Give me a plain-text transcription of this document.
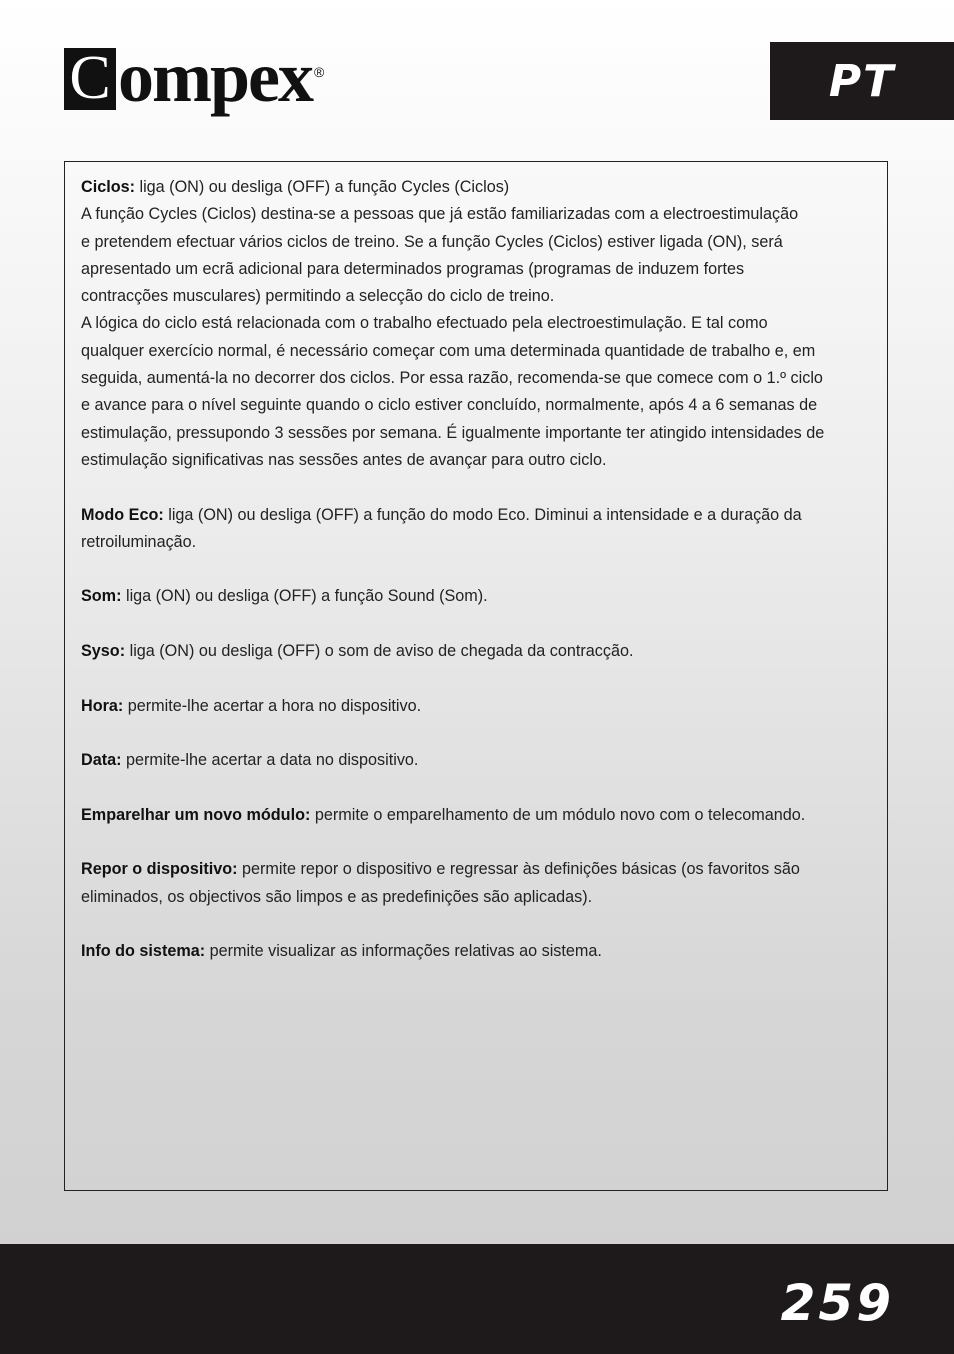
C ompex ®	PT

Ciclos: liga (ON) ou desliga (OFF) a função Cycles (Ciclos)
A função Cycles (Ciclos) destina-se a pessoas que já estão familiarizadas com a electroestimulação
e pretendem efectuar vários ciclos de treino. Se a função Cycles (Ciclos) estiver ligada (ON), será
apresentado um ecrã adicional para determinados programas (programas de induzem fortes
contracções musculares) permitindo a selecção do ciclo de treino.
A lógica do ciclo está relacionada com o trabalho efectuado pela electroestimulação. E tal como
qualquer exercício normal, é necessário começar com uma determinada quantidade de trabalho e, em
seguida, aumentá-la no decorrer dos ciclos. Por essa razão, recomenda-se que comece com o 1.º ciclo
e avance para o nível seguinte quando o ciclo estiver concluído, normalmente, após 4 a 6 semanas de
estimulação, pressupondo 3 sessões por semana. É igualmente importante ter atingido intensidades de
estimulação significativas nas sessões antes de avançar para outro ciclo.

Modo Eco: liga (ON) ou desliga (OFF) a função do modo Eco. Diminui a intensidade e a duração da
retroiluminação.

Som: liga (ON) ou desliga (OFF) a função Sound (Som).

Syso: liga (ON) ou desliga (OFF) o som de aviso de chegada da contracção.

Hora: permite-lhe acertar a hora no dispositivo.

Data: permite-lhe acertar a data no dispositivo.

Emparelhar um novo módulo: permite o emparelhamento de um módulo novo com o telecomando.

Repor o dispositivo: permite repor o dispositivo e regressar às definições básicas (os favoritos são
eliminados, os objectivos são limpos e as predefinições são aplicadas).

Info do sistema: permite visualizar as informações relativas ao sistema.

259
